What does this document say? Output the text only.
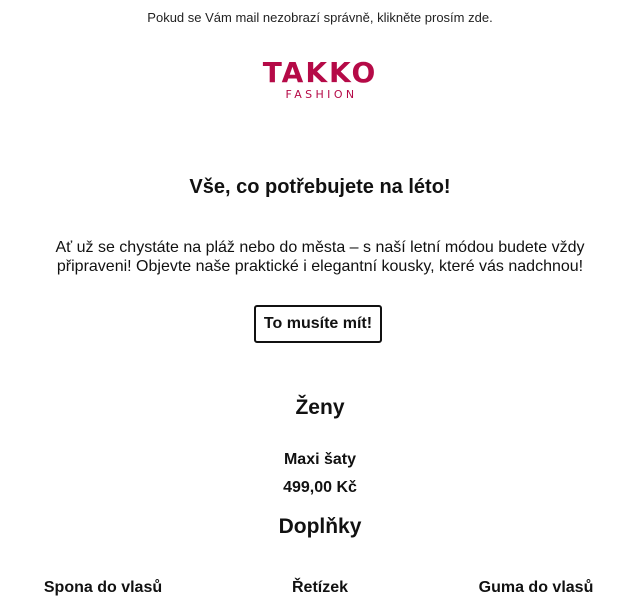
Pokud se Vám mail nezobrazí správně, klikněte prosím zde.
TAKKO
FASHION
Vše, co potřebujete na léto!
Ať už se chystáte na pláž nebo do města – s naší letní módou budete vždy připraveni! Objevte naše praktické i elegantní kousky, které vás nadchnou!
To musíte mít!
Ženy
Maxi šaty
499,00 Kč
Doplňky
Spona do vlasů	Řetízek	Guma do vlasů
